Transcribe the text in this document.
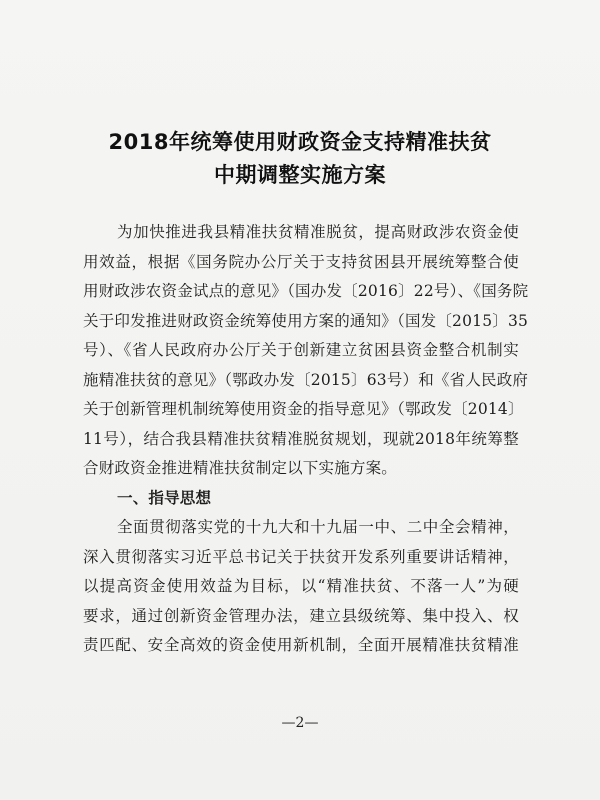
2018年统筹使用财政资金支持精准扶贫
中期调整实施方案
为加快推进我县精准扶贫精准脱贫，提高财政涉农资金使
用效益，根据《国务院办公厅关于支持贫困县开展统筹整合使
用财政涉农资金试点的意见》（国办发〔2016〕22号）、《国务院
关于印发推进财政资金统筹使用方案的通知》（国发〔2015〕35
号）、《省人民政府办公厅关于创新建立贫困县资金整合机制实
施精准扶贫的意见》（鄂政办发〔2015〕63号）和《省人民政府
关于创新管理机制统筹使用资金的指导意见》（鄂政发〔2014〕
11号），结合我县精准扶贫精准脱贫规划，现就2018年统筹整
合财政资金推进精准扶贫制定以下实施方案。
一、指导思想
全面贯彻落实党的十九大和十九届一中、二中全会精神，
深入贯彻落实习近平总书记关于扶贫开发系列重要讲话精神，
以提高资金使用效益为目标，以“精准扶贫、不落一人”为硬
要求，通过创新资金管理办法，建立县级统筹、集中投入、权
责匹配、安全高效的资金使用新机制，全面开展精准扶贫精准
—2—
